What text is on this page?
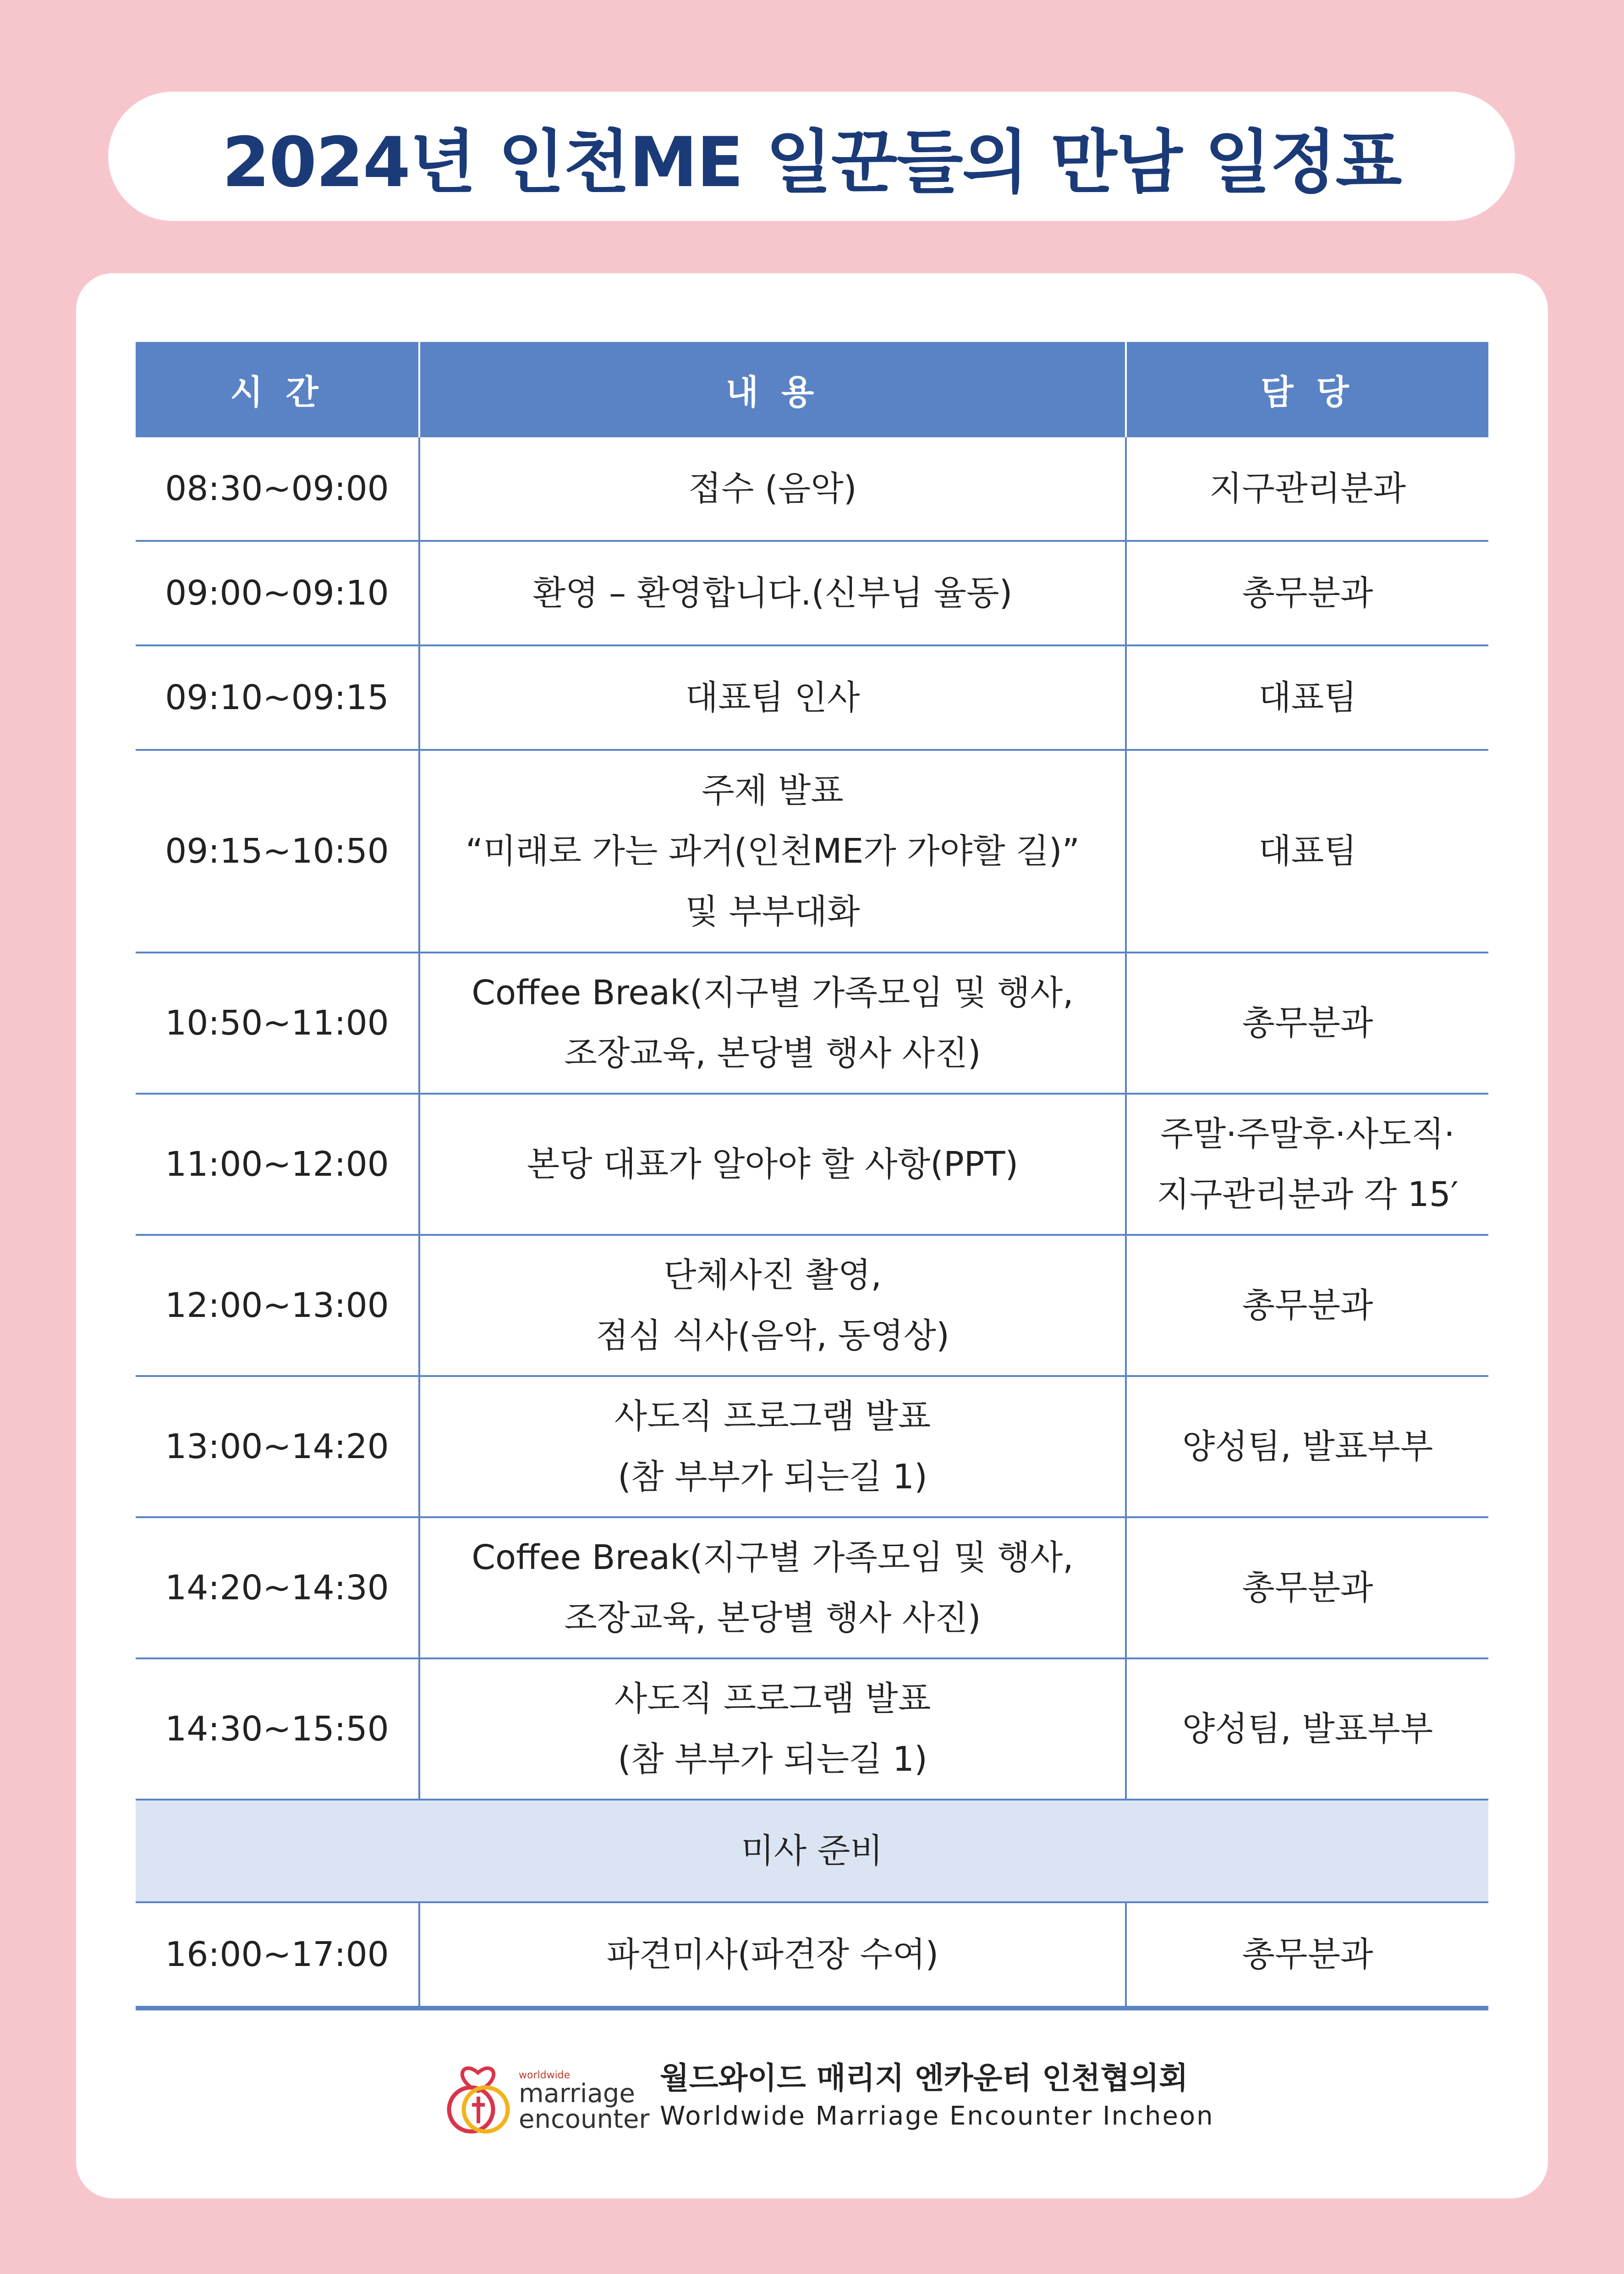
2024년 인천ME 일꾼들의 만남 일정표
시 간	내 용	담 당
08:30~09:00	접수 (음악)	지구관리분과

09:00~09:10	환영 – 환영합니다.(신부님 율동)	총무분과

09:10~09:15	대표팀 인사	대표팀

09:15~10:50	주제 발표
“미래로 가는 과거(인천ME가 가야할 길)”
및 부부대화	대표팀

10:50~11:00	Coffee Break(지구별 가족모임 및 행사,
조장교육, 본당별 행사 사진)	총무분과

11:00~12:00	본당 대표가 알아야 할 사항(PPT)	주말·주말후·사도직·
지구관리분과 각 15′

12:00~13:00	단체사진 촬영,
점심 식사(음악, 동영상)	총무분과

13:00~14:20	사도직 프로그램 발표
(참 부부가 되는길 1)	양성팀, 발표부부

14:20~14:30	Coffee Break(지구별 가족모임 및 행사,
조장교육, 본당별 행사 사진)	총무분과

14:30~15:50	사도직 프로그램 발표
(참 부부가 되는길 1)	양성팀, 발표부부

미사 준비		
16:00~17:00	파견미사(파견장 수여)	총무분과
worldwide
marriage
encounter
월드와이드 매리지 엔카운터 인천협의회
Worldwide Marriage Encounter Incheon
